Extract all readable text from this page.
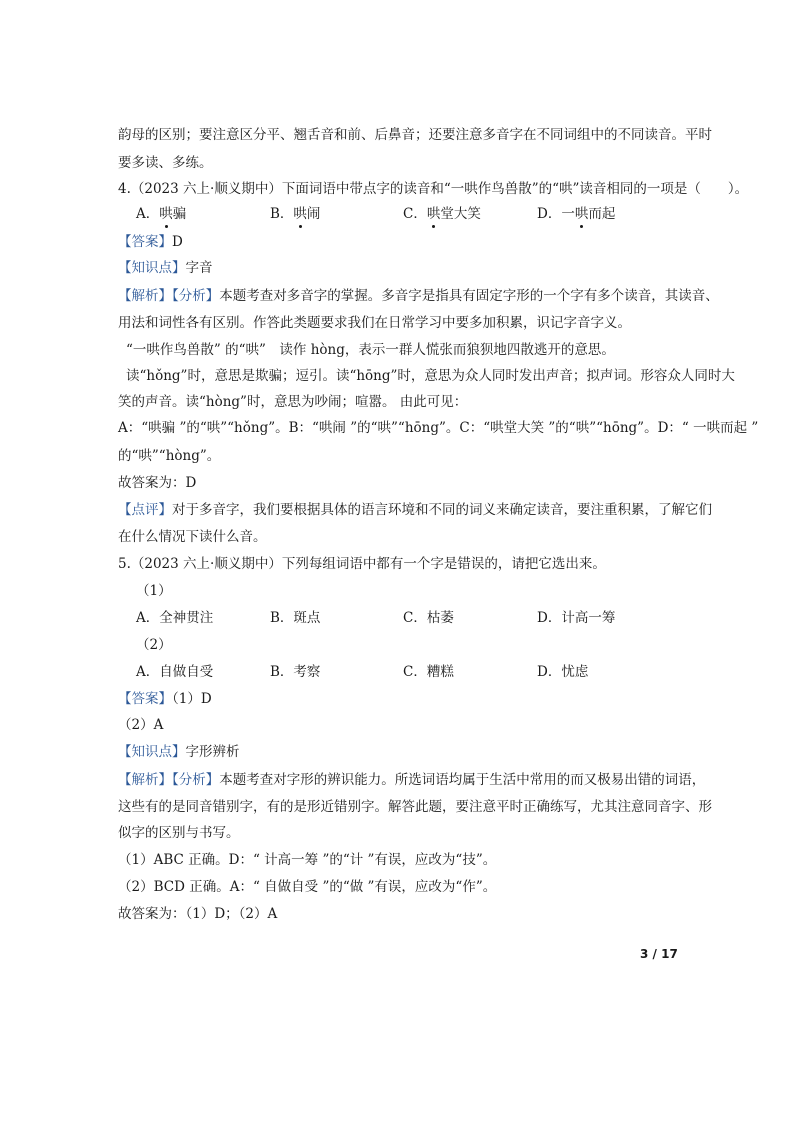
韵母的区别；要注意区分平、翘舌音和前、后鼻音；还要注意多音字在不同词组中的不同读音。平时
要多读、多练。
4.（2023 六上·顺义期中）下面词语中带点字的读音和“一哄作鸟兽散”的“哄”读音相同的一项是（　　）。
A．哄骗	B．哄闹	C．哄堂大笑	D．一哄而起
【答案】D
【知识点】字音
【解析】【分析】本题考查对多音字的掌握。多音字是指具有固定字形的一个字有多个读音，其读音、
用法和词性各有区别。作答此类题要求我们在日常学习中要多加积累，识记字音字义。
“一哄作鸟兽散” 的“哄”　读作 hòng，表示一群人慌张而狼狈地四散逃开的意思。
读“hǒng”时，意思是欺骗；逗引。读“hōng”时，意思为众人同时发出声音；拟声词。形容众人同时大
笑的声音。读“hòng”时，意思为吵闹；喧嚣。 由此可见：
A：“哄骗 ”的“哄”“hǒng”。B：“哄闹 ”的“哄”“hōng”。C：“哄堂大笑 ”的“哄”“hōng”。D：“ 一哄而起 ”
的“哄”“hòng”。
故答案为：D
【点评】对于多音字，我们要根据具体的语言环境和不同的词义来确定读音，要注重积累，了解它们
在什么情况下读什么音。
5.（2023 六上·顺义期中）下列每组词语中都有一个字是错误的，请把它选出来。
（1）
A．全神贯注	B．斑点	C．枯萎	D．计高一筹
（2）
A．自做自受	B．考察	C．糟糕	D．忧虑
【答案】（1）D
（2）A
【知识点】字形辨析
【解析】【分析】本题考查对字形的辨识能力。所选词语均属于生活中常用的而又极易出错的词语，
这些有的是同音错别字，有的是形近错别字。解答此题，要注意平时正确练写，尤其注意同音字、形
似字的区别与书写。
（1）ABC 正确。D：“ 计高一筹 ”的“计 ”有误，应改为“技”。
（2）BCD 正确。A：“ 自做自受 ”的“做 ”有误，应改为“作”。
故答案为：（1）D；（2）A
3 / 17
